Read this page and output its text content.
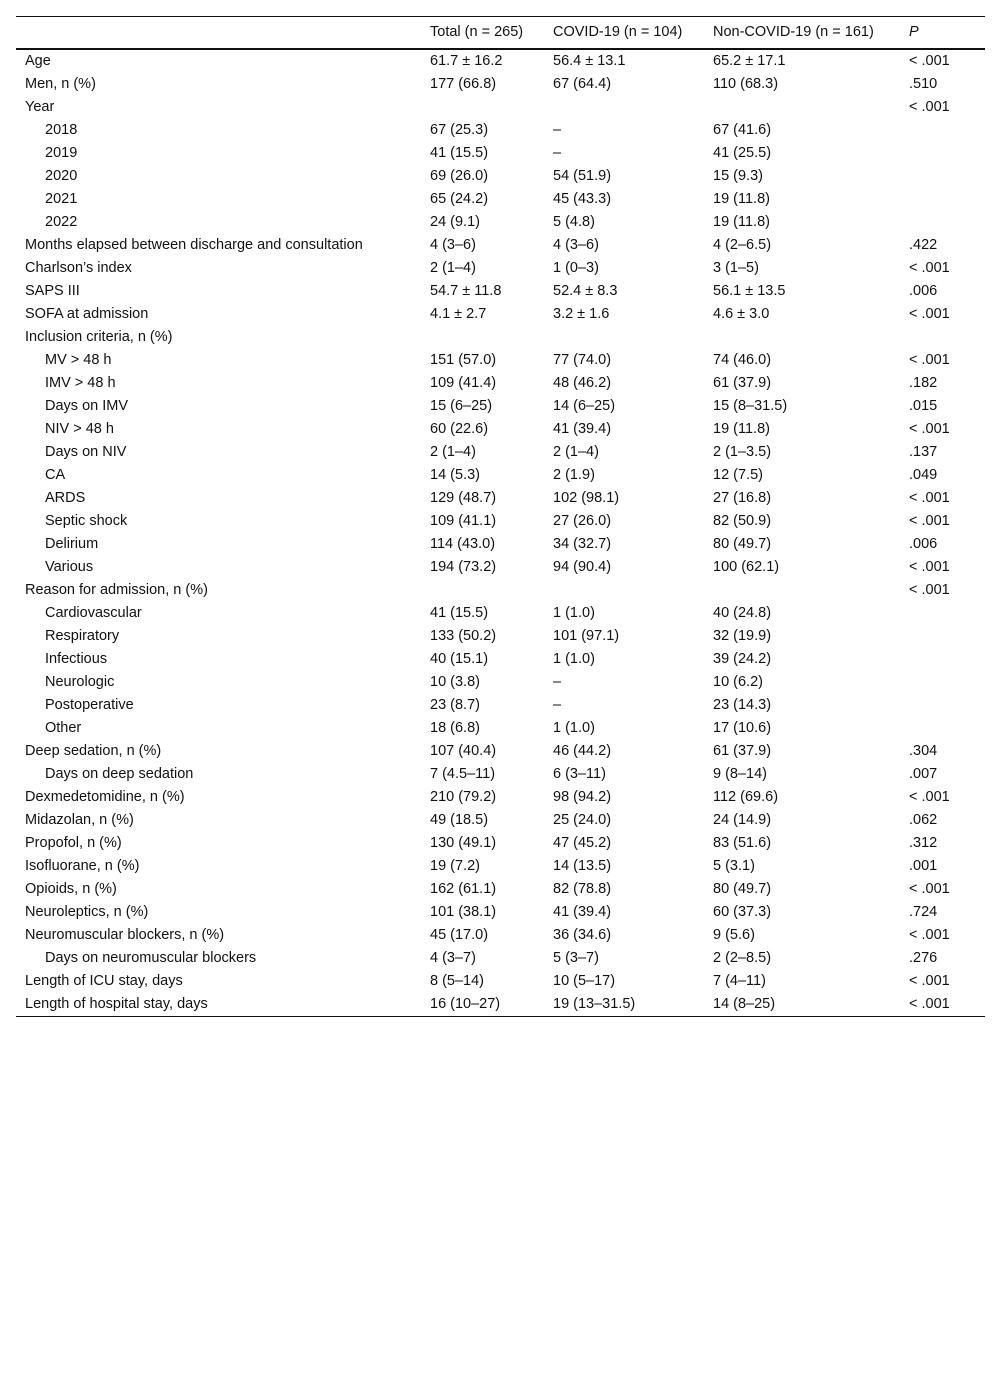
	Total (n = 265)	COVID-19 (n = 104)	Non-COVID-19 (n = 161)	P
Age	61.7 ± 16.2	56.4 ± 13.1	65.2 ± 17.1	< .001
Men, n (%)	177 (66.8)	67 (64.4)	110 (68.3)	.510
Year				< .001
2018	67 (25.3)	–	67 (41.6)	
2019	41 (15.5)	–	41 (25.5)	
2020	69 (26.0)	54 (51.9)	15 (9.3)	
2021	65 (24.2)	45 (43.3)	19 (11.8)	
2022	24 (9.1)	5 (4.8)	19 (11.8)	
Months elapsed between discharge and consultation	4 (3–6)	4 (3–6)	4 (2–6.5)	.422
Charlson’s index	2 (1–4)	1 (0–3)	3 (1–5)	< .001
SAPS III	54.7 ± 11.8	52.4 ± 8.3	56.1 ± 13.5	.006
SOFA at admission	4.1 ± 2.7	3.2 ± 1.6	4.6 ± 3.0	< .001
Inclusion criteria, n (%)				
MV > 48 h	151 (57.0)	77 (74.0)	74 (46.0)	< .001
IMV > 48 h	109 (41.4)	48 (46.2)	61 (37.9)	.182
Days on IMV	15 (6–25)	14 (6–25)	15 (8–31.5)	.015
NIV > 48 h	60 (22.6)	41 (39.4)	19 (11.8)	< .001
Days on NIV	2 (1–4)	2 (1–4)	2 (1–3.5)	.137
CA	14 (5.3)	2 (1.9)	12 (7.5)	.049
ARDS	129 (48.7)	102 (98.1)	27 (16.8)	< .001
Septic shock	109 (41.1)	27 (26.0)	82 (50.9)	< .001
Delirium	114 (43.0)	34 (32.7)	80 (49.7)	.006
Various	194 (73.2)	94 (90.4)	100 (62.1)	< .001
Reason for admission, n (%)				< .001
Cardiovascular	41 (15.5)	1 (1.0)	40 (24.8)	
Respiratory	133 (50.2)	101 (97.1)	32 (19.9)	
Infectious	40 (15.1)	1 (1.0)	39 (24.2)	
Neurologic	10 (3.8)	–	10 (6.2)	
Postoperative	23 (8.7)	–	23 (14.3)	
Other	18 (6.8)	1 (1.0)	17 (10.6)	
Deep sedation, n (%)	107 (40.4)	46 (44.2)	61 (37.9)	.304
Days on deep sedation	7 (4.5–11)	6 (3–11)	9 (8–14)	.007
Dexmedetomidine, n (%)	210 (79.2)	98 (94.2)	112 (69.6)	< .001
Midazolan, n (%)	49 (18.5)	25 (24.0)	24 (14.9)	.062
Propofol, n (%)	130 (49.1)	47 (45.2)	83 (51.6)	.312
Isofluorane, n (%)	19 (7.2)	14 (13.5)	5 (3.1)	.001
Opioids, n (%)	162 (61.1)	82 (78.8)	80 (49.7)	< .001
Neuroleptics, n (%)	101 (38.1)	41 (39.4)	60 (37.3)	.724
Neuromuscular blockers, n (%)	45 (17.0)	36 (34.6)	9 (5.6)	< .001
Days on neuromuscular blockers	4 (3–7)	5 (3–7)	2 (2–8.5)	.276
Length of ICU stay, days	8 (5–14)	10 (5–17)	7 (4–11)	< .001
Length of hospital stay, days	16 (10–27)	19 (13–31.5)	14 (8–25)	< .001
